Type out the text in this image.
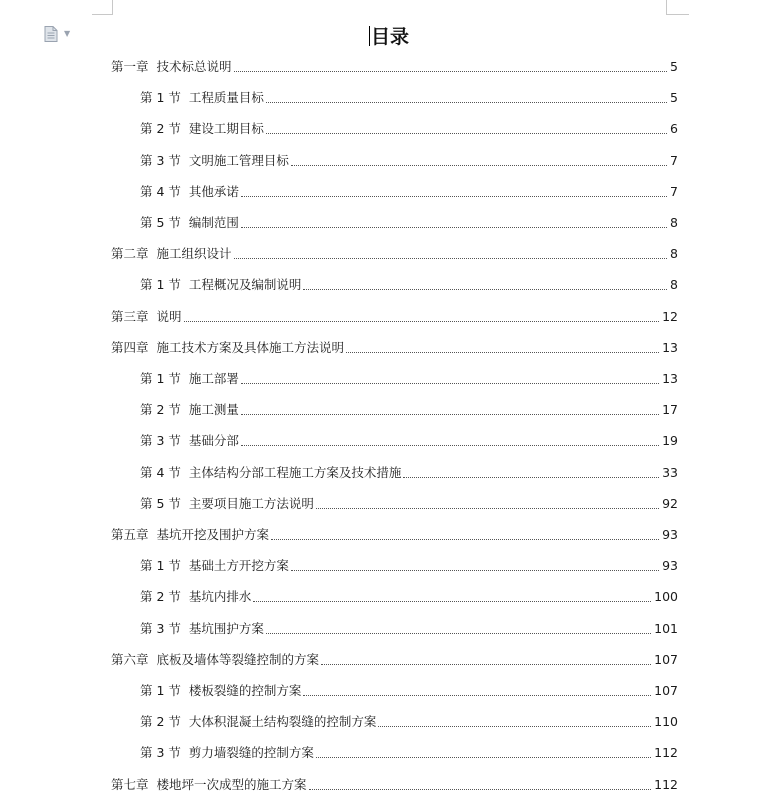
▼	目录
第一章 技术标总说明	5
第 1 节 工程质量目标	5
第 2 节 建设工期目标	6
第 3 节 文明施工管理目标	7
第 4 节 其他承诺	7
第 5 节 编制范围	8
第二章 施工组织设计	8
第 1 节 工程概况及编制说明	8
第三章 说明	12
第四章 施工技术方案及具体施工方法说明	13
第 1 节 施工部署	13
第 2 节 施工测量	17
第 3 节 基础分部	19
第 4 节 主体结构分部工程施工方案及技术措施	33
第 5 节 主要项目施工方法说明	92
第五章 基坑开挖及围护方案	93
第 1 节 基础土方开挖方案	93
第 2 节 基坑内排水	100
第 3 节 基坑围护方案	101
第六章 底板及墙体等裂缝控制的方案	107
第 1 节 楼板裂缝的控制方案	107
第 2 节 大体积混凝土结构裂缝的控制方案	110
第 3 节 剪力墙裂缝的控制方案	112
第七章 楼地坪一次成型的施工方案	112
